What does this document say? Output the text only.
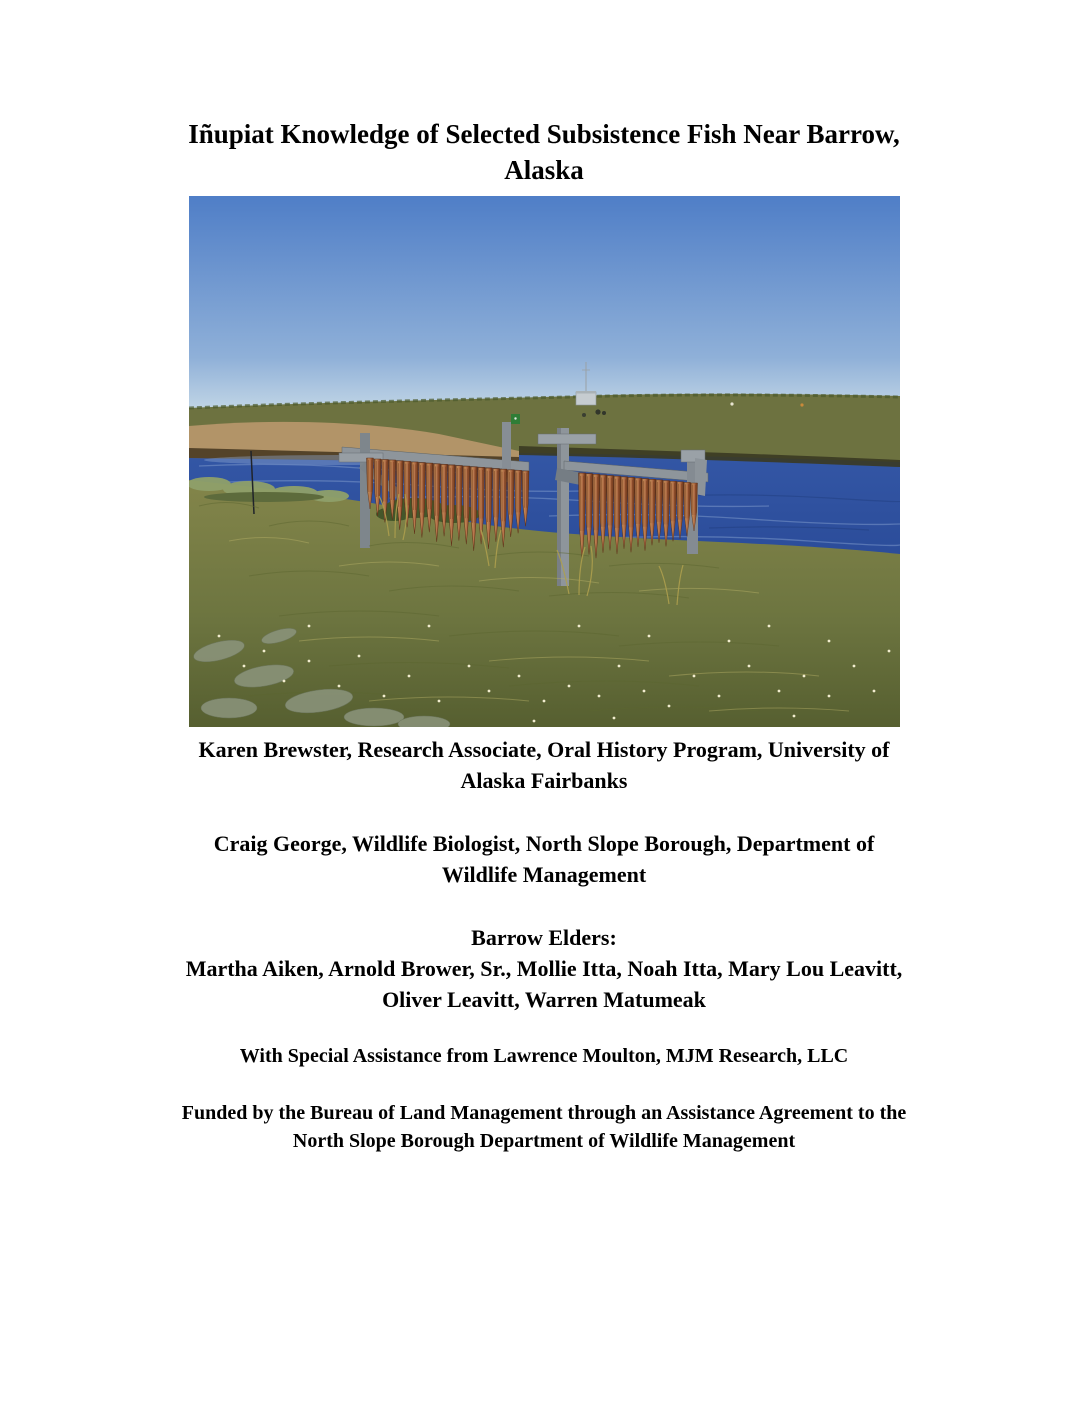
Iñupiat Knowledge of Selected Subsistence Fish Near Barrow,
Alaska
Karen Brewster, Research Associate, Oral History Program, University of
Alaska Fairbanks
Craig George, Wildlife Biologist, North Slope Borough, Department of
Wildlife Management
Barrow Elders:
Martha Aiken, Arnold Brower, Sr., Mollie Itta, Noah Itta, Mary Lou Leavitt,
Oliver Leavitt, Warren Matumeak
With Special Assistance from Lawrence Moulton, MJM Research, LLC
Funded by the Bureau of Land Management through an Assistance Agreement to the
North Slope Borough Department of Wildlife Management
